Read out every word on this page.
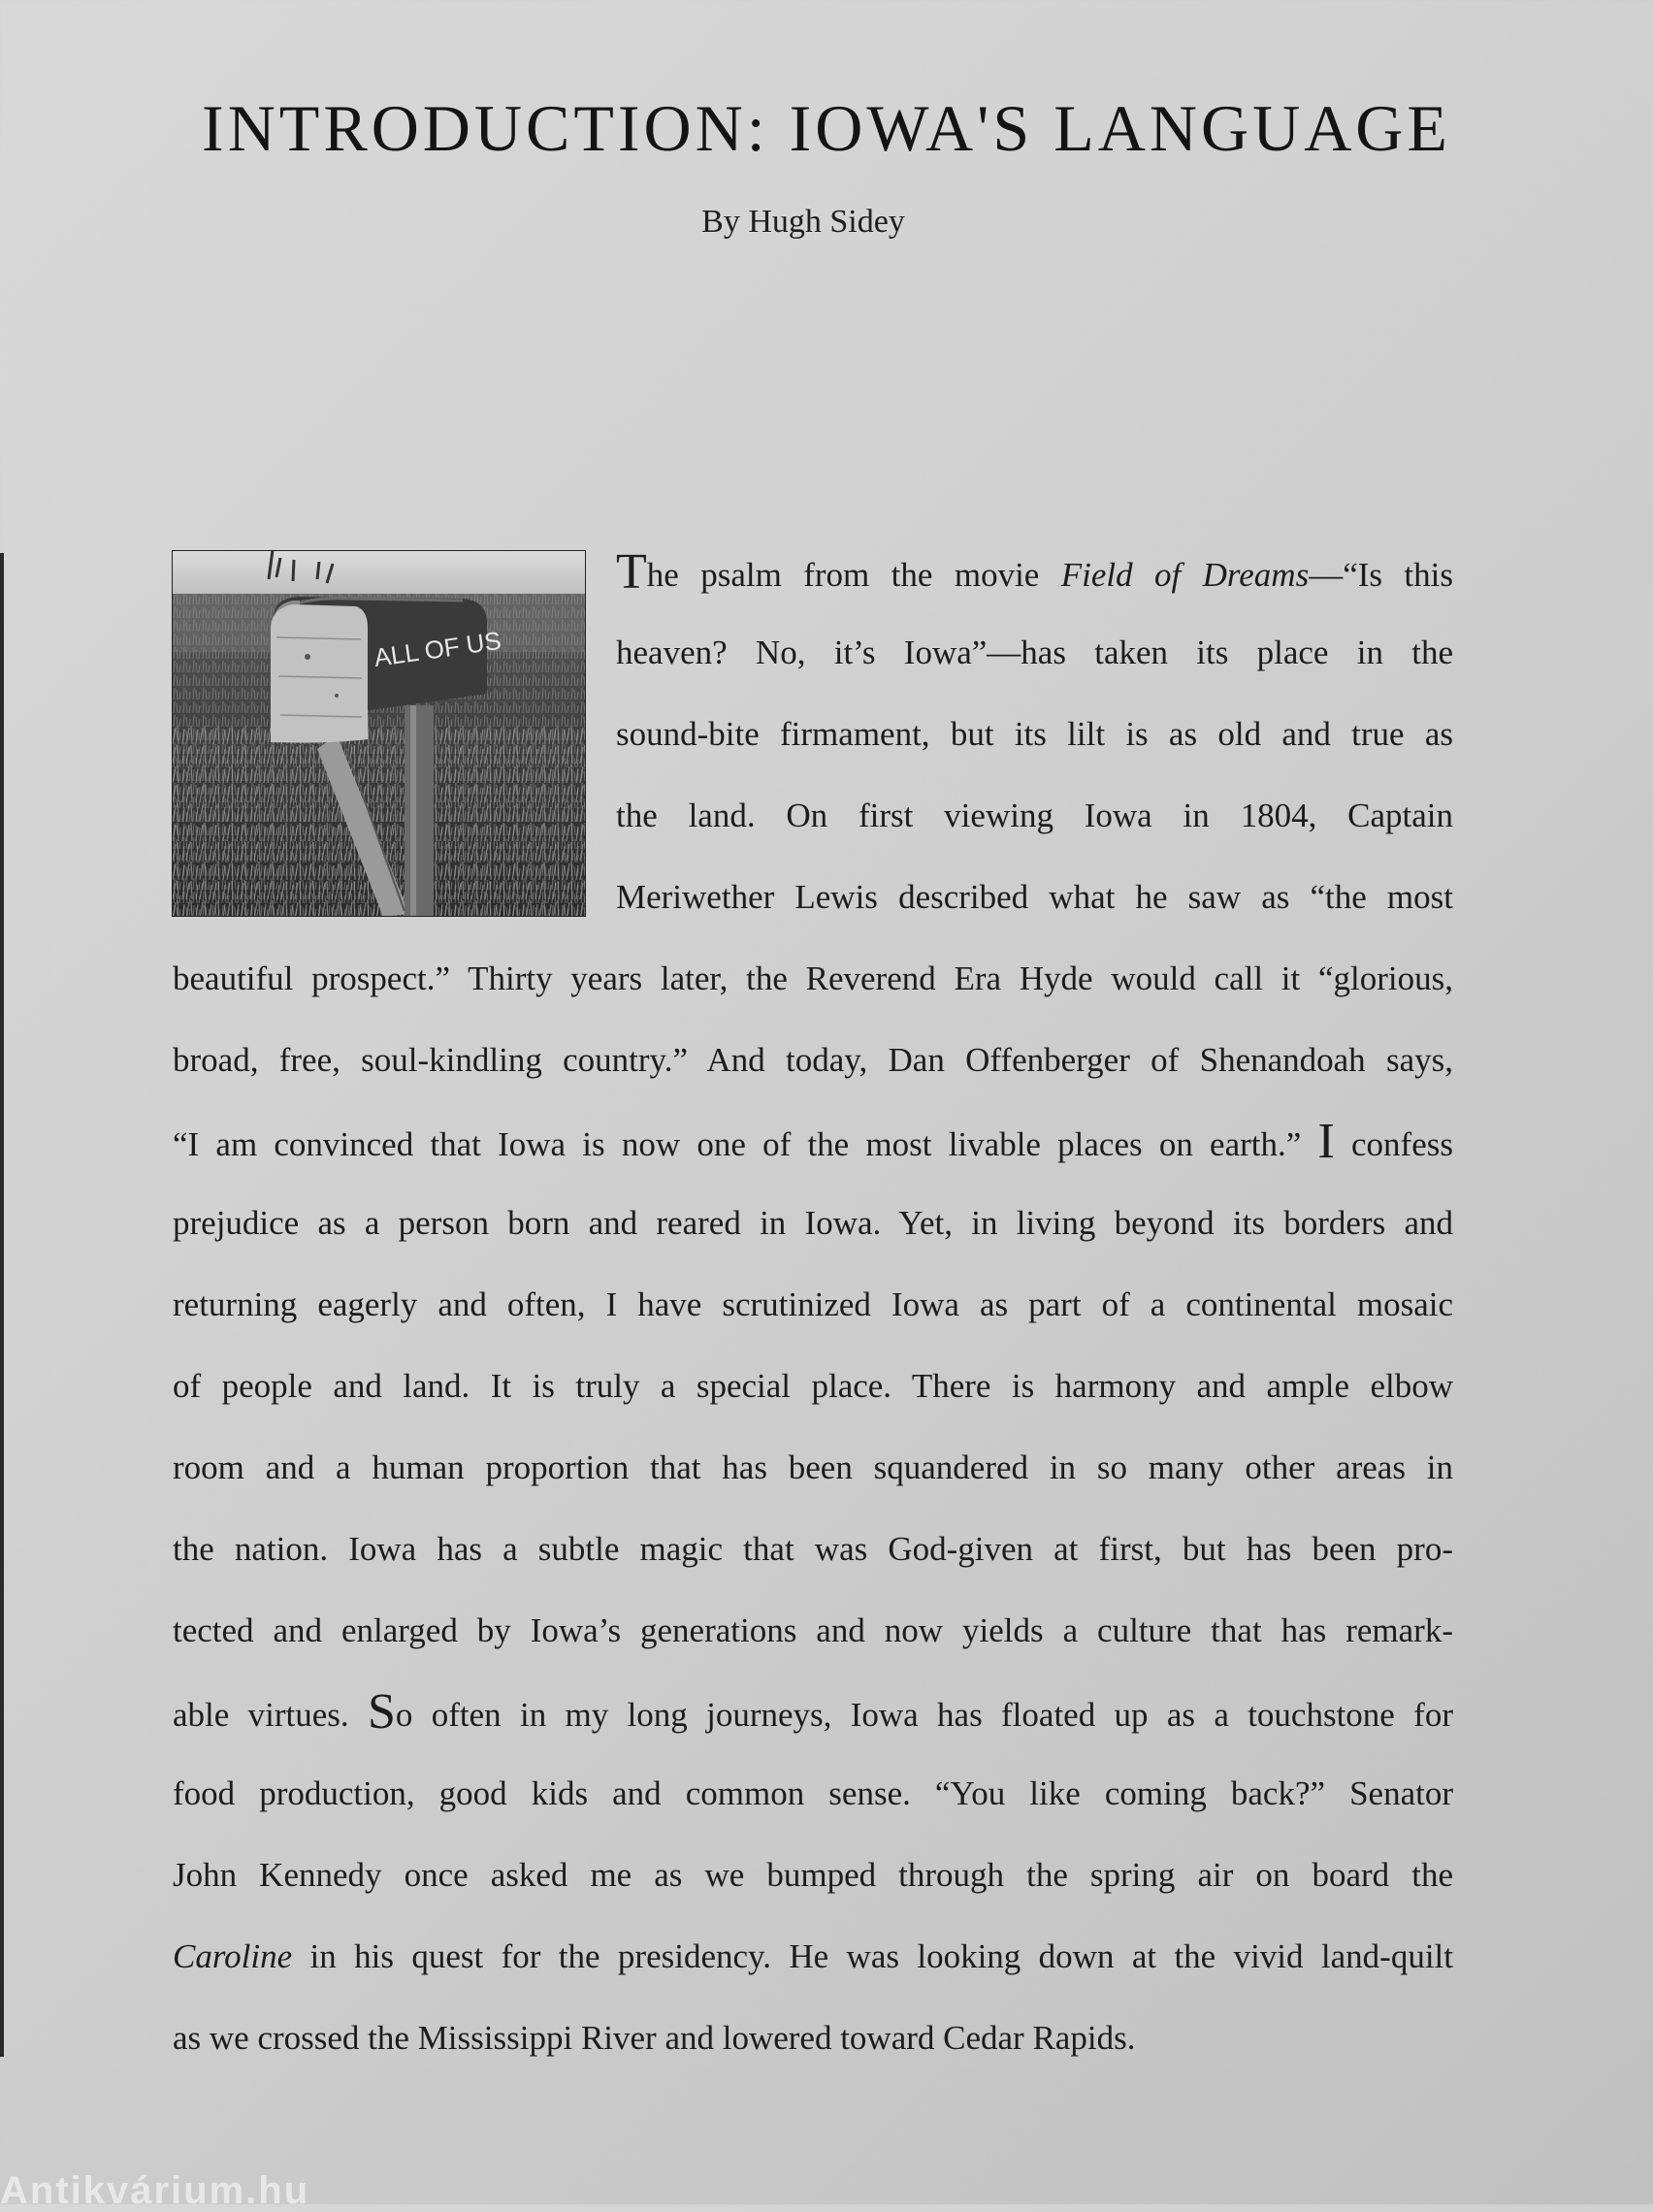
INTRODUCTION: IOWA'S LANGUAGE
By Hugh Sidey
ALL OF US
The psalm from the movie Field of Dreams—“Is this
heaven? No, it’s Iowa”—has taken its place in the
sound-bite firmament, but its lilt is as old and true as
the land. On first viewing Iowa in 1804, Captain
Meriwether Lewis described what he saw as “the most
beautiful prospect.” Thirty years later, the Reverend Era Hyde would call it “glorious,
broad, free, soul-kindling country.” And today, Dan Offenberger of Shenandoah says,
“I am convinced that Iowa is now one of the most livable places on earth.” I confess
prejudice as a person born and reared in Iowa. Yet, in living beyond its borders and
returning eagerly and often, I have scrutinized Iowa as part of a continental mosaic
of people and land. It is truly a special place. There is harmony and ample elbow
room and a human proportion that has been squandered in so many other areas in
the nation. Iowa has a subtle magic that was God-given at first, but has been pro-
tected and enlarged by Iowa’s generations and now yields a culture that has remark-
able virtues. So often in my long journeys, Iowa has floated up as a touchstone for
food production, good kids and common sense. “You like coming back?” Senator
John Kennedy once asked me as we bumped through the spring air on board the
Caroline in his quest for the presidency. He was looking down at the vivid land-quilt
as we crossed the Mississippi River and lowered toward Cedar Rapids.
Antikvárium.hu
